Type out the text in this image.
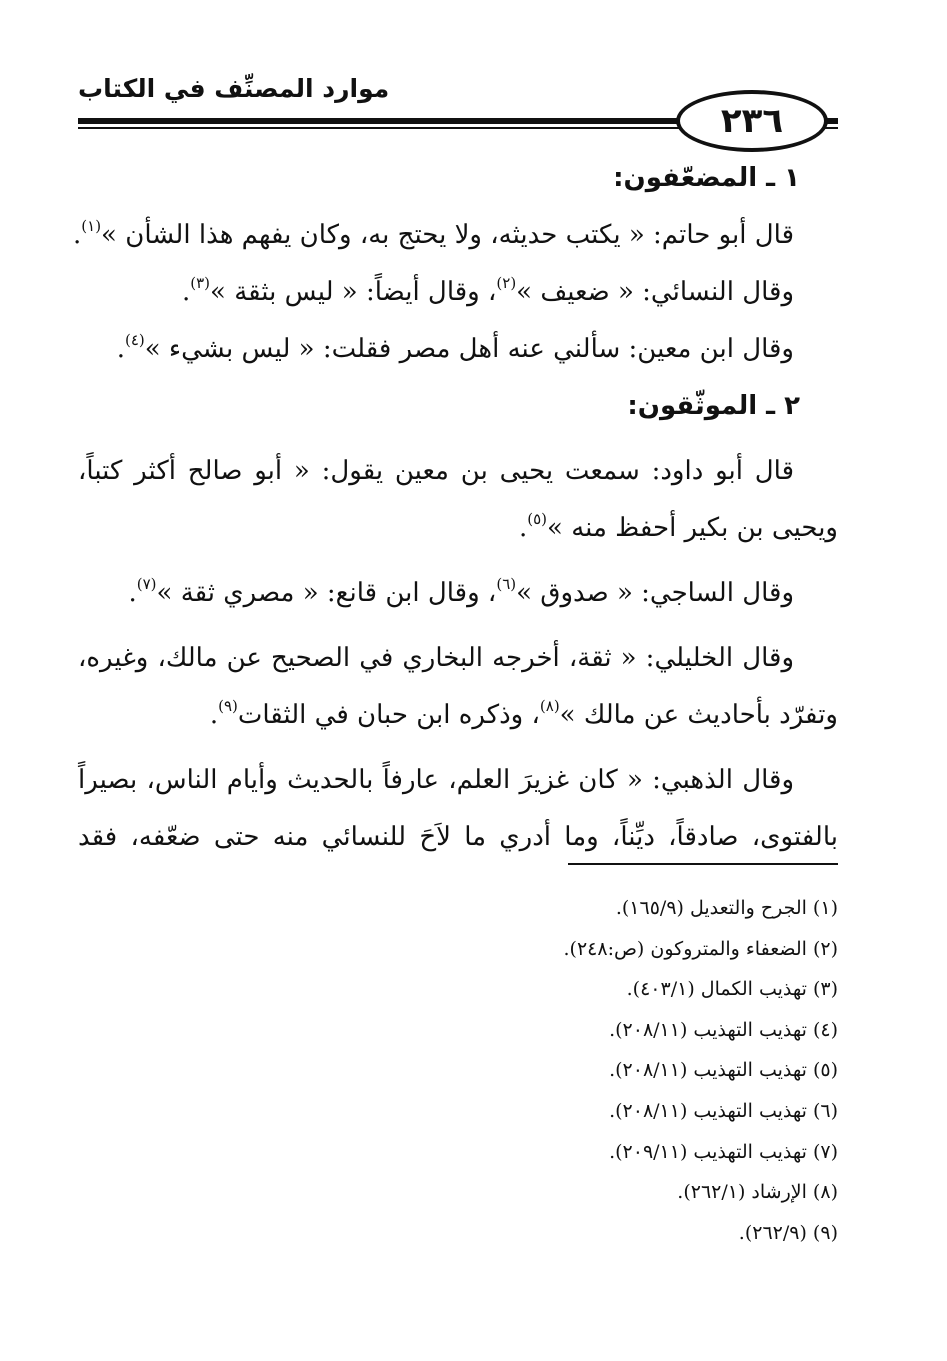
موارد المصنِّف في الكتاب
٢٣٦

١ ـ المضعّفون:

قال أبو حاتم: « يكتب حديثه، ولا يحتج به، وكان يفهم هذا الشأن »$^{(١)}$.

وقال النسائي: « ضعيف »$^{(٢)}$، وقال أيضاً: « ليس بثقة »$^{(٣)}$.

وقال ابن معين: سألني عنه أهل مصر فقلت: « ليس بشيء »$^{(٤)}$.

٢ ـ الموثّقون:

قال أبو داود: سمعت يحيى بن معين يقول: « أبو صالح أكثر كتباً،

ويحيى بن بكير أحفظ منه »$^{(٥)}$.

وقال الساجي: « صدوق »$^{(٦)}$، وقال ابن قانع: « مصري ثقة »$^{(٧)}$.

وقال الخليلي: « ثقة، أخرجه البخاري في الصحيح عن مالك، وغيره،

وتفرّد بأحاديث عن مالك »$^{(٨)}$، وذكره ابن حبان في الثقات$^{(٩)}$.

وقال الذهبي: « كان غزيرَ العلم، عارفاً بالحديث وأيام الناس، بصيراً

بالفتوى، صادقاً، ديِّناً، وما أدري ما لاَحَ للنسائي منه حتى ضعّفه، فقد

(١) الجرح والتعديل (١٦٥/٩).

(٢) الضعفاء والمتروكون (ص:٢٤٨).

(٣) تهذيب الكمال (٤٠٣/١).

(٤) تهذيب التهذيب (٢٠٨/١١).

(٥) تهذيب التهذيب (٢٠٨/١١).

(٦) تهذيب التهذيب (٢٠٨/١١).

(٧) تهذيب التهذيب (٢٠٩/١١).

(٨) الإرشاد (٢٦٢/١).

(٩) (٢٦٢/٩).
